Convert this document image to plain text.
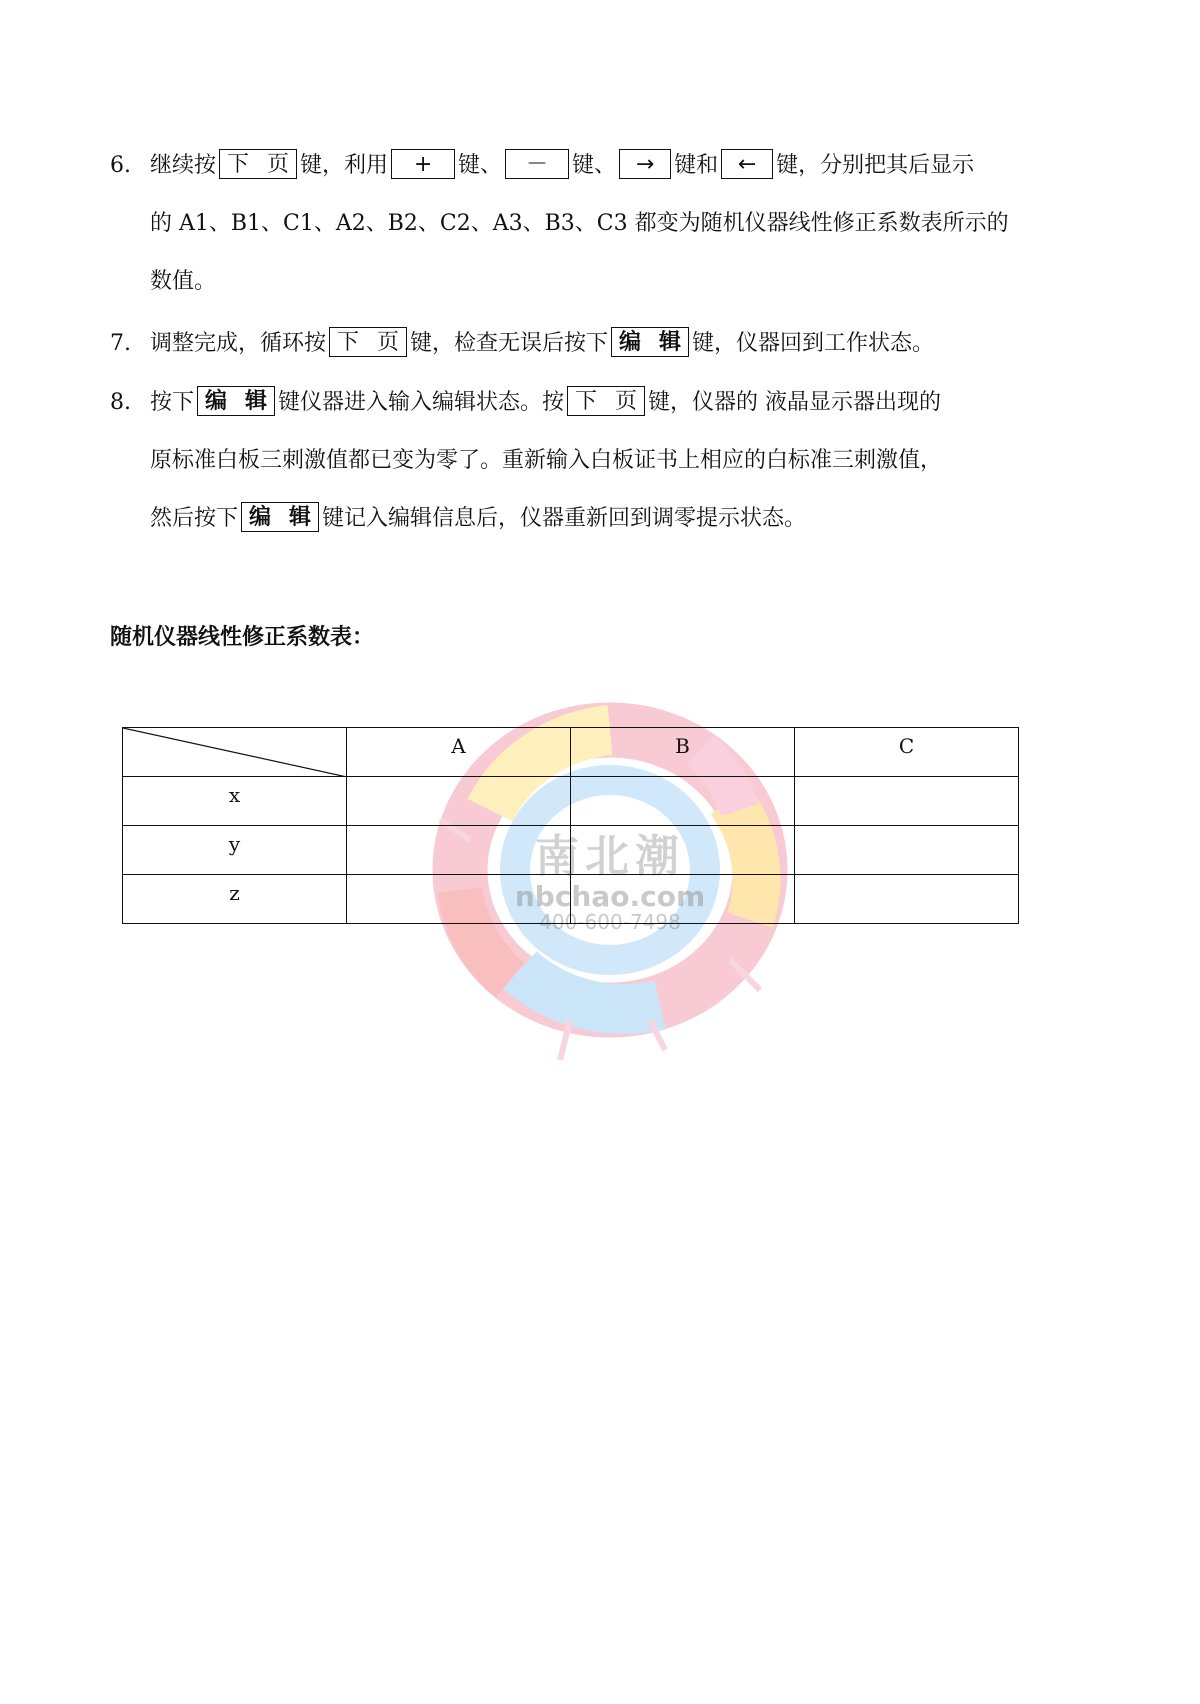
南北潮
nbchao.com
400-600-7498
6. 继续按 下页键，利用 + 键、 － 键、 → 键和 ← 键，分别把其后显示
的 A1、B1、C1、A2、B2、C2、A3、B3、C3 都变为随机仪器线性修正系数表所示的
数值。
7. 调整完成，循环按 下页键，检查无误后按下 编辑键，仪器回到工作状态。
8. 按下 编辑键仪器进入输入编辑状态。按 下页键，仪器的 液晶显示器出现的
原标准白板三刺激值都已变为零了。重新输入白板证书上相应的白标准三刺激值，
然后按下 编辑键记入编辑信息后，仪器重新回到调零提示状态。
随机仪器线性修正系数表：
	A	B	C
x			
y			
z			
